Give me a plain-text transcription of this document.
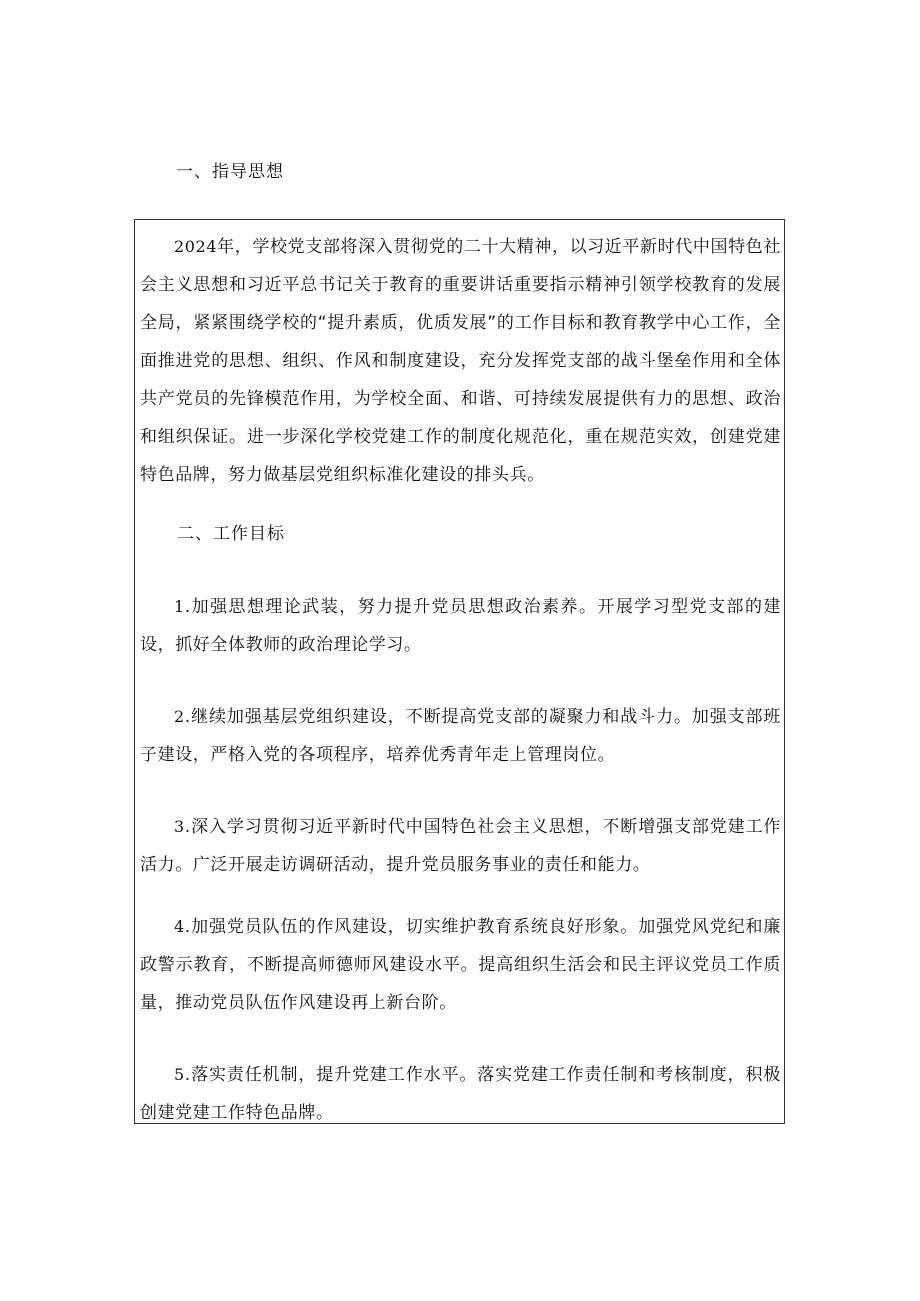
一、指导思想

2024年，学校党支部将深入贯彻党的二十大精神，以习近平新时代中国特色社会主义思想和习近平总书记关于教育的重要讲话重要指示精神引领学校教育的发展全局，紧紧围绕学校的“提升素质，优质发展”的工作目标和教育教学中心工作，全面推进党的思想、组织、作风和制度建设，充分发挥党支部的战斗堡垒作用和全体共产党员的先锋模范作用，为学校全面、和谐、可持续发展提供有力的思想、政治和组织保证。进一步深化学校党建工作的制度化规范化，重在规范实效，创建党建特色品牌，努力做基层党组织标准化建设的排头兵。

二、工作目标

1.加强思想理论武装，努力提升党员思想政治素养。开展学习型党支部的建设，抓好全体教师的政治理论学习。

2.继续加强基层党组织建设，不断提高党支部的凝聚力和战斗力。加强支部班子建设，严格入党的各项程序，培养优秀青年走上管理岗位。

3.深入学习贯彻习近平新时代中国特色社会主义思想，不断增强支部党建工作活力。广泛开展走访调研活动，提升党员服务事业的责任和能力。

4.加强党员队伍的作风建设，切实维护教育系统良好形象。加强党风党纪和廉政警示教育，不断提高师德师风建设水平。提高组织生活会和民主评议党员工作质量，推动党员队伍作风建设再上新台阶。

5.落实责任机制，提升党建工作水平。落实党建工作责任制和考核制度，积极创建党建工作特色品牌。
